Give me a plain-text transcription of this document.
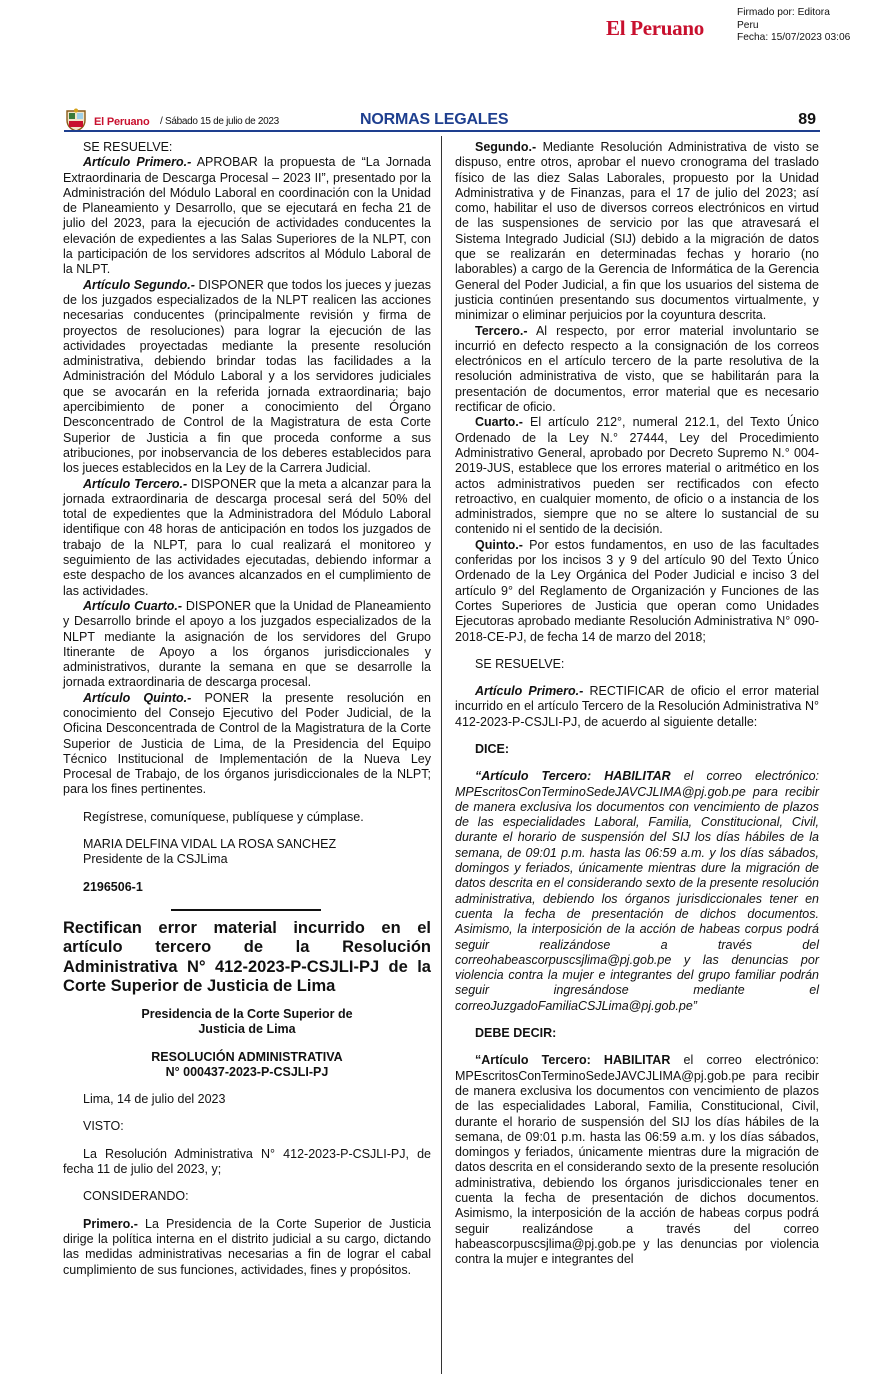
El Peruano
Firmado por: Editora
Peru
Fecha: 15/07/2023 03:06
El Peruano / Sábado 15 de julio de 2023	NORMAS LEGALES	89
SE RESUELVE:
Artículo Primero.- APROBAR la propuesta de “La Jornada Extraordinaria de Descarga Procesal – 2023 II”, presentado por la Administración del Módulo Laboral en coordinación con la Unidad de Planeamiento y Desarrollo, que se ejecutará en fecha 21 de julio del 2023, para la ejecución de actividades conducentes la elevación de expedientes a las Salas Superiores de la NLPT, con la participación de los servidores adscritos al Módulo Laboral de la NLPT.
Artículo Segundo.- DISPONER que todos los jueces y juezas de los juzgados especializados de la NLPT realicen las acciones necesarias conducentes (principalmente revisión y firma de proyectos de resoluciones) para lograr la ejecución de las actividades proyectadas mediante la presente resolución administrativa, debiendo brindar todas las facilidades a la Administración del Módulo Laboral y a los servidores judiciales que se avocarán en la referida jornada extraordinaria; bajo apercibimiento de poner a conocimiento del Órgano Desconcentrado de Control de la Magistratura de esta Corte Superior de Justicia a fin que proceda conforme a sus atribuciones, por inobservancia de los deberes establecidos para los jueces establecidos en la Ley de la Carrera Judicial.
Artículo Tercero.- DISPONER que la meta a alcanzar para la jornada extraordinaria de descarga procesal será del 50% del total de expedientes que la Administradora del Módulo Laboral identifique con 48 horas de anticipación en todos los juzgados de trabajo de la NLPT, para lo cual realizará el monitoreo y seguimiento de las actividades ejecutadas, debiendo informar a este despacho de los avances alcanzados en el cumplimiento de las actividades.
Artículo Cuarto.- DISPONER que la Unidad de Planeamiento y Desarrollo brinde el apoyo a los juzgados especializados de la NLPT mediante la asignación de los servidores del Grupo Itinerante de Apoyo a los órganos jurisdiccionales y administrativos, durante la semana en que se desarrolle la jornada extraordinaria de descarga procesal.
Artículo Quinto.- PONER la presente resolución en conocimiento del Consejo Ejecutivo del Poder Judicial, de la Oficina Desconcentrada de Control de la Magistratura de la Corte Superior de Justicia de Lima, de la Presidencia del Equipo Técnico Institucional de Implementación de la Nueva Ley Procesal de Trabajo, de los órganos jurisdiccionales de la NLPT; para los fines pertinentes.
Regístrese, comuníquese, publíquese y cúmplase.
MARIA DELFINA VIDAL LA ROSA SANCHEZ
Presidente de la CSJLima
2196506-1
Rectifican error material incurrido en el artículo tercero de la Resolución Administrativa N° 412-2023-P-CSJLI-PJ de la Corte Superior de Justicia de Lima
Presidencia de la Corte Superior de
Justicia de Lima
RESOLUCIÓN ADMINISTRATIVA
N° 000437-2023-P-CSJLI-PJ
Lima, 14 de julio del 2023
VISTO:
La Resolución Administrativa N° 412-2023-P-CSJLI-PJ, de fecha 11 de julio del 2023, y;
CONSIDERANDO:
Primero.- La Presidencia de la Corte Superior de Justicia dirige la política interna en el distrito judicial a su cargo, dictando las medidas administrativas necesarias a fin de lograr el cabal cumplimiento de sus funciones, actividades, fines y propósitos.
Segundo.- Mediante Resolución Administrativa de visto se dispuso, entre otros, aprobar el nuevo cronograma del traslado físico de las diez Salas Laborales, propuesto por la Unidad Administrativa y de Finanzas, para el 17 de julio del 2023; así como, habilitar el uso de diversos correos electrónicos en virtud de las suspensiones de servicio por las que atravesará el Sistema Integrado Judicial (SIJ) debido a la migración de datos que se realizarán en determinadas fechas y horario (no laborables) a cargo de la Gerencia de Informática de la Gerencia General del Poder Judicial, a fin que los usuarios del sistema de justicia continúen presentando sus documentos virtualmente, y minimizar o eliminar perjuicios por la coyuntura descrita.
Tercero.- Al respecto, por error material involuntario se incurrió en defecto respecto a la consignación de los correos electrónicos en el artículo tercero de la parte resolutiva de la resolución administrativa de visto, que se habilitarán para la presentación de documentos, error material que es necesario rectificar de oficio.
Cuarto.- El artículo 212°, numeral 212.1, del Texto Único Ordenado de la Ley N.° 27444, Ley del Procedimiento Administrativo General, aprobado por Decreto Supremo N.° 004- 2019-JUS, establece que los errores material o aritmético en los actos administrativos pueden ser rectificados con efecto retroactivo, en cualquier momento, de oficio o a instancia de los administrados, siempre que no se altere lo sustancial de su contenido ni el sentido de la decisión.
Quinto.- Por estos fundamentos, en uso de las facultades conferidas por los incisos 3 y 9 del artículo 90 del Texto Único Ordenado de la Ley Orgánica del Poder Judicial e inciso 3 del artículo 9° del Reglamento de Organización y Funciones de las Cortes Superiores de Justicia que operan como Unidades Ejecutoras aprobado mediante Resolución Administrativa N° 090-2018-CE-PJ, de fecha 14 de marzo del 2018;
SE RESUELVE:
Artículo Primero.- RECTIFICAR de oficio el error material incurrido en el artículo Tercero de la Resolución Administrativa N° 412-2023-P-CSJLI-PJ, de acuerdo al siguiente detalle:
DICE:
“Artículo Tercero: HABILITAR el correo electrónico: MPEscritosConTerminoSedeJAVCJLIMA@pj.gob.pe para recibir de manera exclusiva los documentos con vencimiento de plazos de las especialidades Laboral, Familia, Constitucional, Civil, durante el horario de suspensión del SIJ los días hábiles de la semana, de 09:01 p.m. hasta las 06:59 a.m. y los días sábados, domingos y feriados, únicamente mientras dure la migración de datos descrita en el considerando sexto de la presente resolución administrativa, debiendo los órganos jurisdiccionales tener en cuenta la fecha de presentación de dichos documentos. Asimismo, la interposición de la acción de habeas corpus podrá seguir realizándose a través del correohabeascorpuscsjlima@pj.gob.pe y las denuncias por violencia contra la mujer e integrantes del grupo familiar podrán seguir ingresándose mediante el correoJuzgadoFamiliaCSJLima@pj.gob.pe”
DEBE DECIR:
“Artículo Tercero: HABILITAR el correo electrónico: MPEscritosConTerminoSedeJAVCJLIMA@pj.gob.pe para recibir de manera exclusiva los documentos con vencimiento de plazos de las especialidades Laboral, Familia, Constitucional, Civil, durante el horario de suspensión del SIJ los días hábiles de la semana, de 09:01 p.m. hasta las 06:59 a.m. y los días sábados, domingos y feriados, únicamente mientras dure la migración de datos descrita en el considerando sexto de la presente resolución administrativa, debiendo los órganos jurisdiccionales tener en cuenta la fecha de presentación de dichos documentos. Asimismo, la interposición de la acción de habeas corpus podrá seguir realizándose a través del correo habeascorpuscsjlima@pj.gob.pe y las denuncias por violencia contra la mujer e integrantes del
